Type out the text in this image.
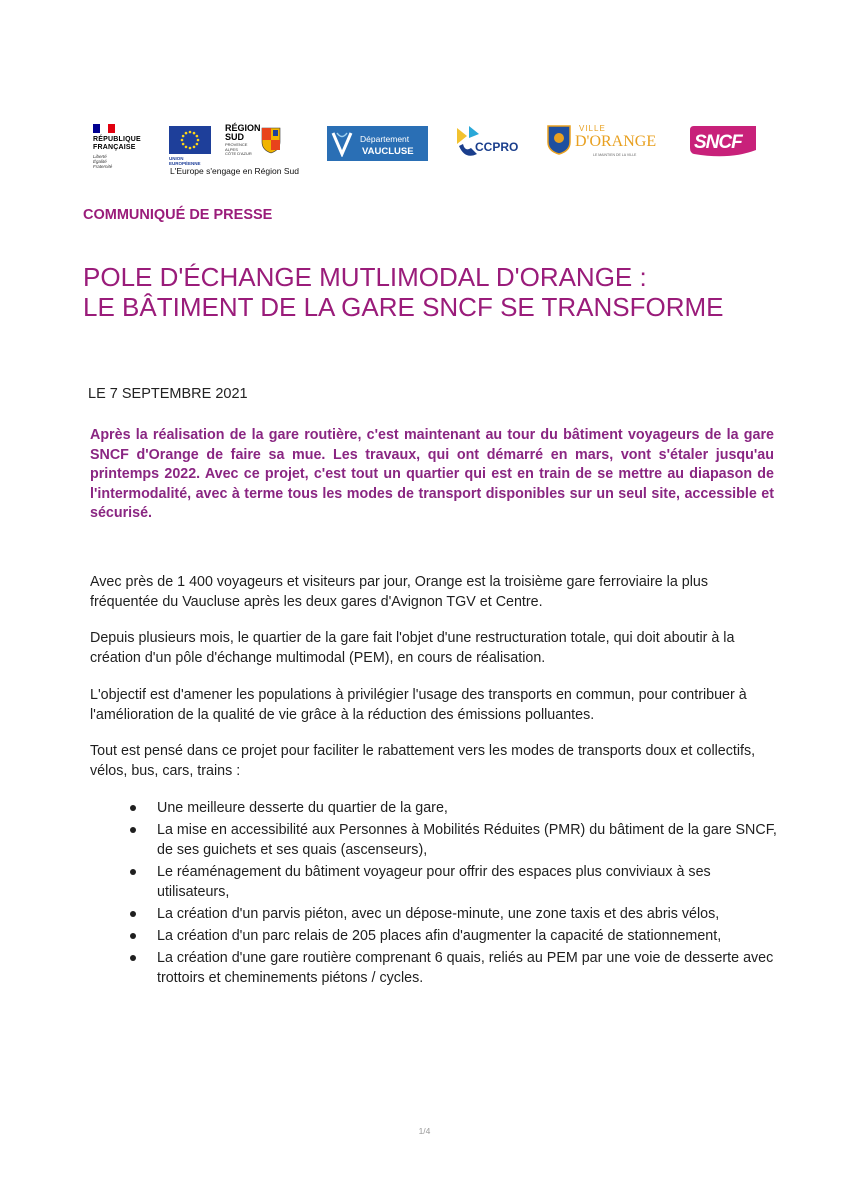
RÉPUBLIQUE
FRANÇAISE
Liberté
Égalité
Fraternité
UNION EUROPÉENNE
RÉGION
SUD
PROVENCE
ALPES
CÔTE D'AZUR
L'Europe s'engage en Région Sud
Département
VAUCLUSE	CCPRO
VILLE
D'ORANGE
LE MAINTIEN DE LA VILLE
SNCF
COMMUNIQUÉ DE PRESSE
POLE D'ÉCHANGE MUTLIMODAL D'ORANGE :
LE BÂTIMENT DE LA GARE SNCF SE TRANSFORME
LE 7 SEPTEMBRE 2021
Après la réalisation de la gare routière, c'est maintenant au tour du bâtiment voyageurs de la gare SNCF d'Orange de faire sa mue. Les travaux, qui ont démarré en mars, vont s'étaler jusqu'au printemps 2022. Avec ce projet, c'est tout un quartier qui est en train de se mettre au diapason de l'intermodalité, avec à terme tous les modes de transport disponibles sur un seul site, accessible et sécurisé.
Avec près de 1 400 voyageurs et visiteurs par jour, Orange est la troisième gare ferroviaire la plus fréquentée du Vaucluse après les deux gares d'Avignon TGV et Centre.
Depuis plusieurs mois, le quartier de la gare fait l'objet d'une restructuration totale, qui doit aboutir à la création d'un pôle d'échange multimodal (PEM), en cours de réalisation.
L'objectif est d'amener les populations à privilégier l'usage des transports en commun, pour contribuer à l'amélioration de la qualité de vie grâce à la réduction des émissions polluantes.
Tout est pensé dans ce projet pour faciliter le rabattement vers les modes de transports doux et collectifs, vélos, bus, cars, trains :
Une meilleure desserte du quartier de la gare,
La mise en accessibilité aux Personnes à Mobilités Réduites (PMR) du bâtiment de la gare SNCF, de ses guichets et ses quais (ascenseurs),
Le réaménagement du bâtiment voyageur pour offrir des espaces plus conviviaux à ses utilisateurs,
La création d'un parvis piéton, avec un dépose-minute, une zone taxis et des abris vélos,
La création d'un parc relais de 205 places afin d'augmenter la capacité de stationnement,
La création d'une gare routière comprenant 6 quais, reliés au PEM par une voie de desserte avec trottoirs et cheminements piétons / cycles.
1/4
